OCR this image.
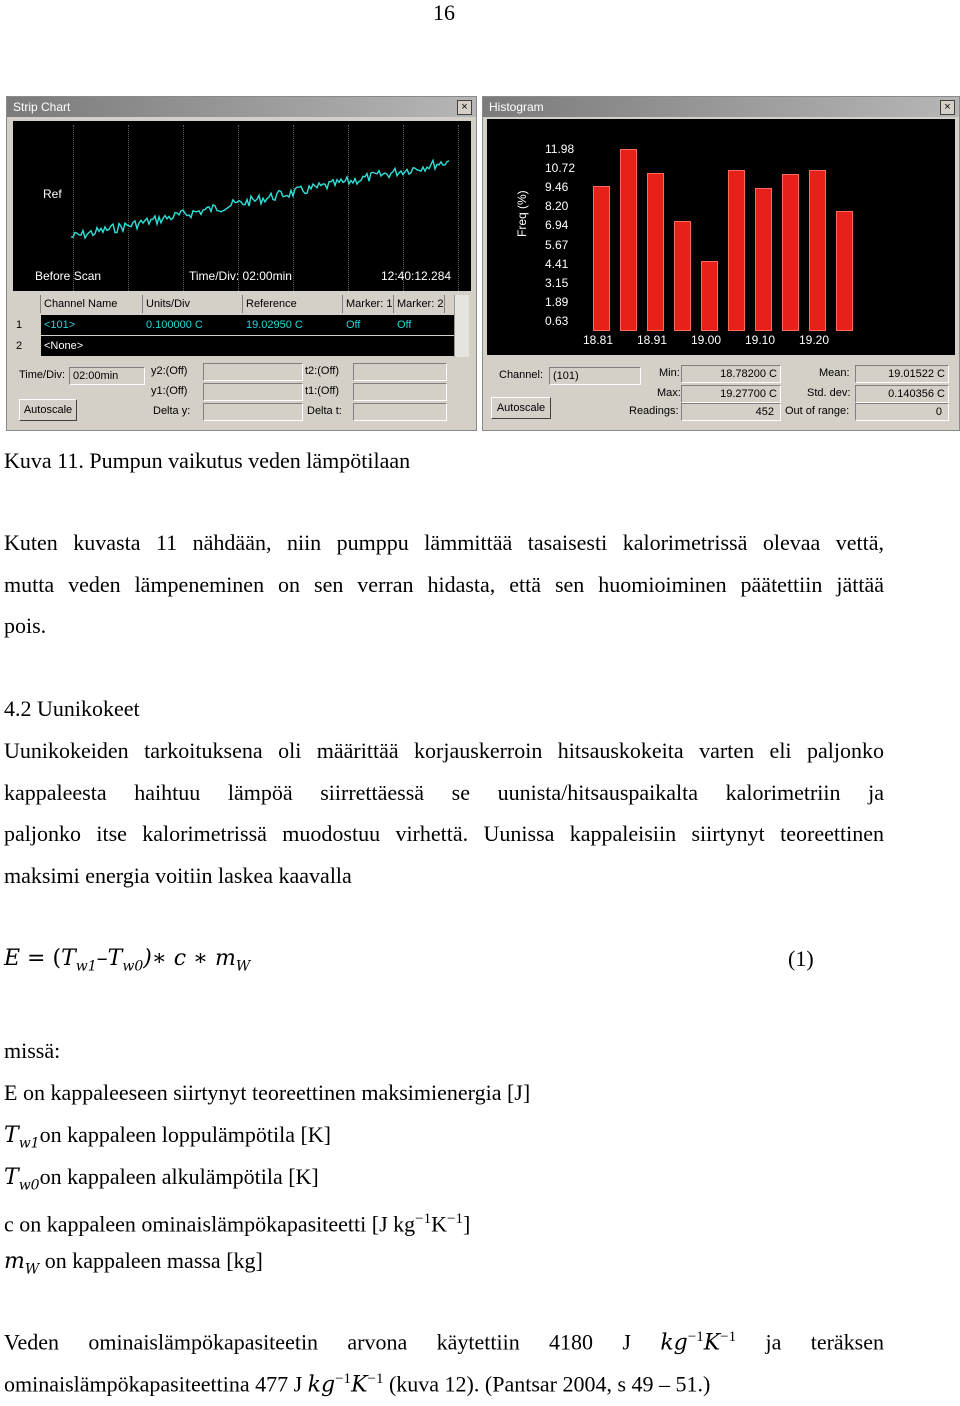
16
Strip Chart	×
Ref
Before Scan	Time/Div: 02:00min	12:40:12.284
Channel Name	Units/Div	Reference	Marker: 1 Marker: 2
1	<101>	0.100000 C	19.02950 C	Off	Off
2	<None>
Time/Div: 02:00min	y2:(Off)
y1:(Off)
Delta y:
t2:(Off)
t1:(Off)
Delta t:
Autoscale
Histogram	×
Freq (%)
11.98
10.72
9.46
8.20
6.94
5.67
4.41
3.15
1.89
0.63
18.81 18.91 19.00 19.10 19.20
Channel: (101)	Min:	18.78200 C
Max:	19.27700 C
Readings:	452
Mean:	19.01522 C
Std. dev:	0.140356 C
Out of range:	0
Autoscale
Kuva 11. Pumpun vaikutus veden lämpötilaan
Kuten kuvasta 11 nähdään, niin pumppu lämmittää tasaisesti kalorimetrissä olevaa vettä,
mutta veden lämpeneminen on sen verran hidasta, että sen huomioiminen päätettiin jättää
pois.
4.2 Uunikokeet
Uunikokeiden tarkoituksena oli määrittää korjauskerroin hitsauskokeita varten eli paljonko
kappaleesta haihtuu lämpöä siirrettäessä se uunista/hitsauspaikalta kalorimetriin ja
paljonko itse kalorimetrissä muodostuu virhettä. Uunissa kappaleisiin siirtynyt teoreettinen
maksimi energia voitiin laskea kaavalla
$E = (T_{w1}-T_{w0})∗$ c ∗ $m_W$	(1)
missä:
E on kappaleeseen siirtynyt teoreettinen maksimienergia [J]
$T_{w1}on$ kappaleen loppulämpötila [K]
$T_{w0}on$ kappaleen alkulämpötila [K]
c on kappaleen ominaislämpökapasiteetti [J $kg^{-1}K^{-1}$]
$m_W$ on kappaleen massa [kg]
Veden ominaislämpökapasiteetin arvona käytettiin 4180 J $kg^{-1}K^{-1}$ ja teräksen
ominaislämpökapasiteettina 477 J $kg^{-1}K^{-1}$ (kuva 12). (Pantsar 2004, s 49 – 51.)
